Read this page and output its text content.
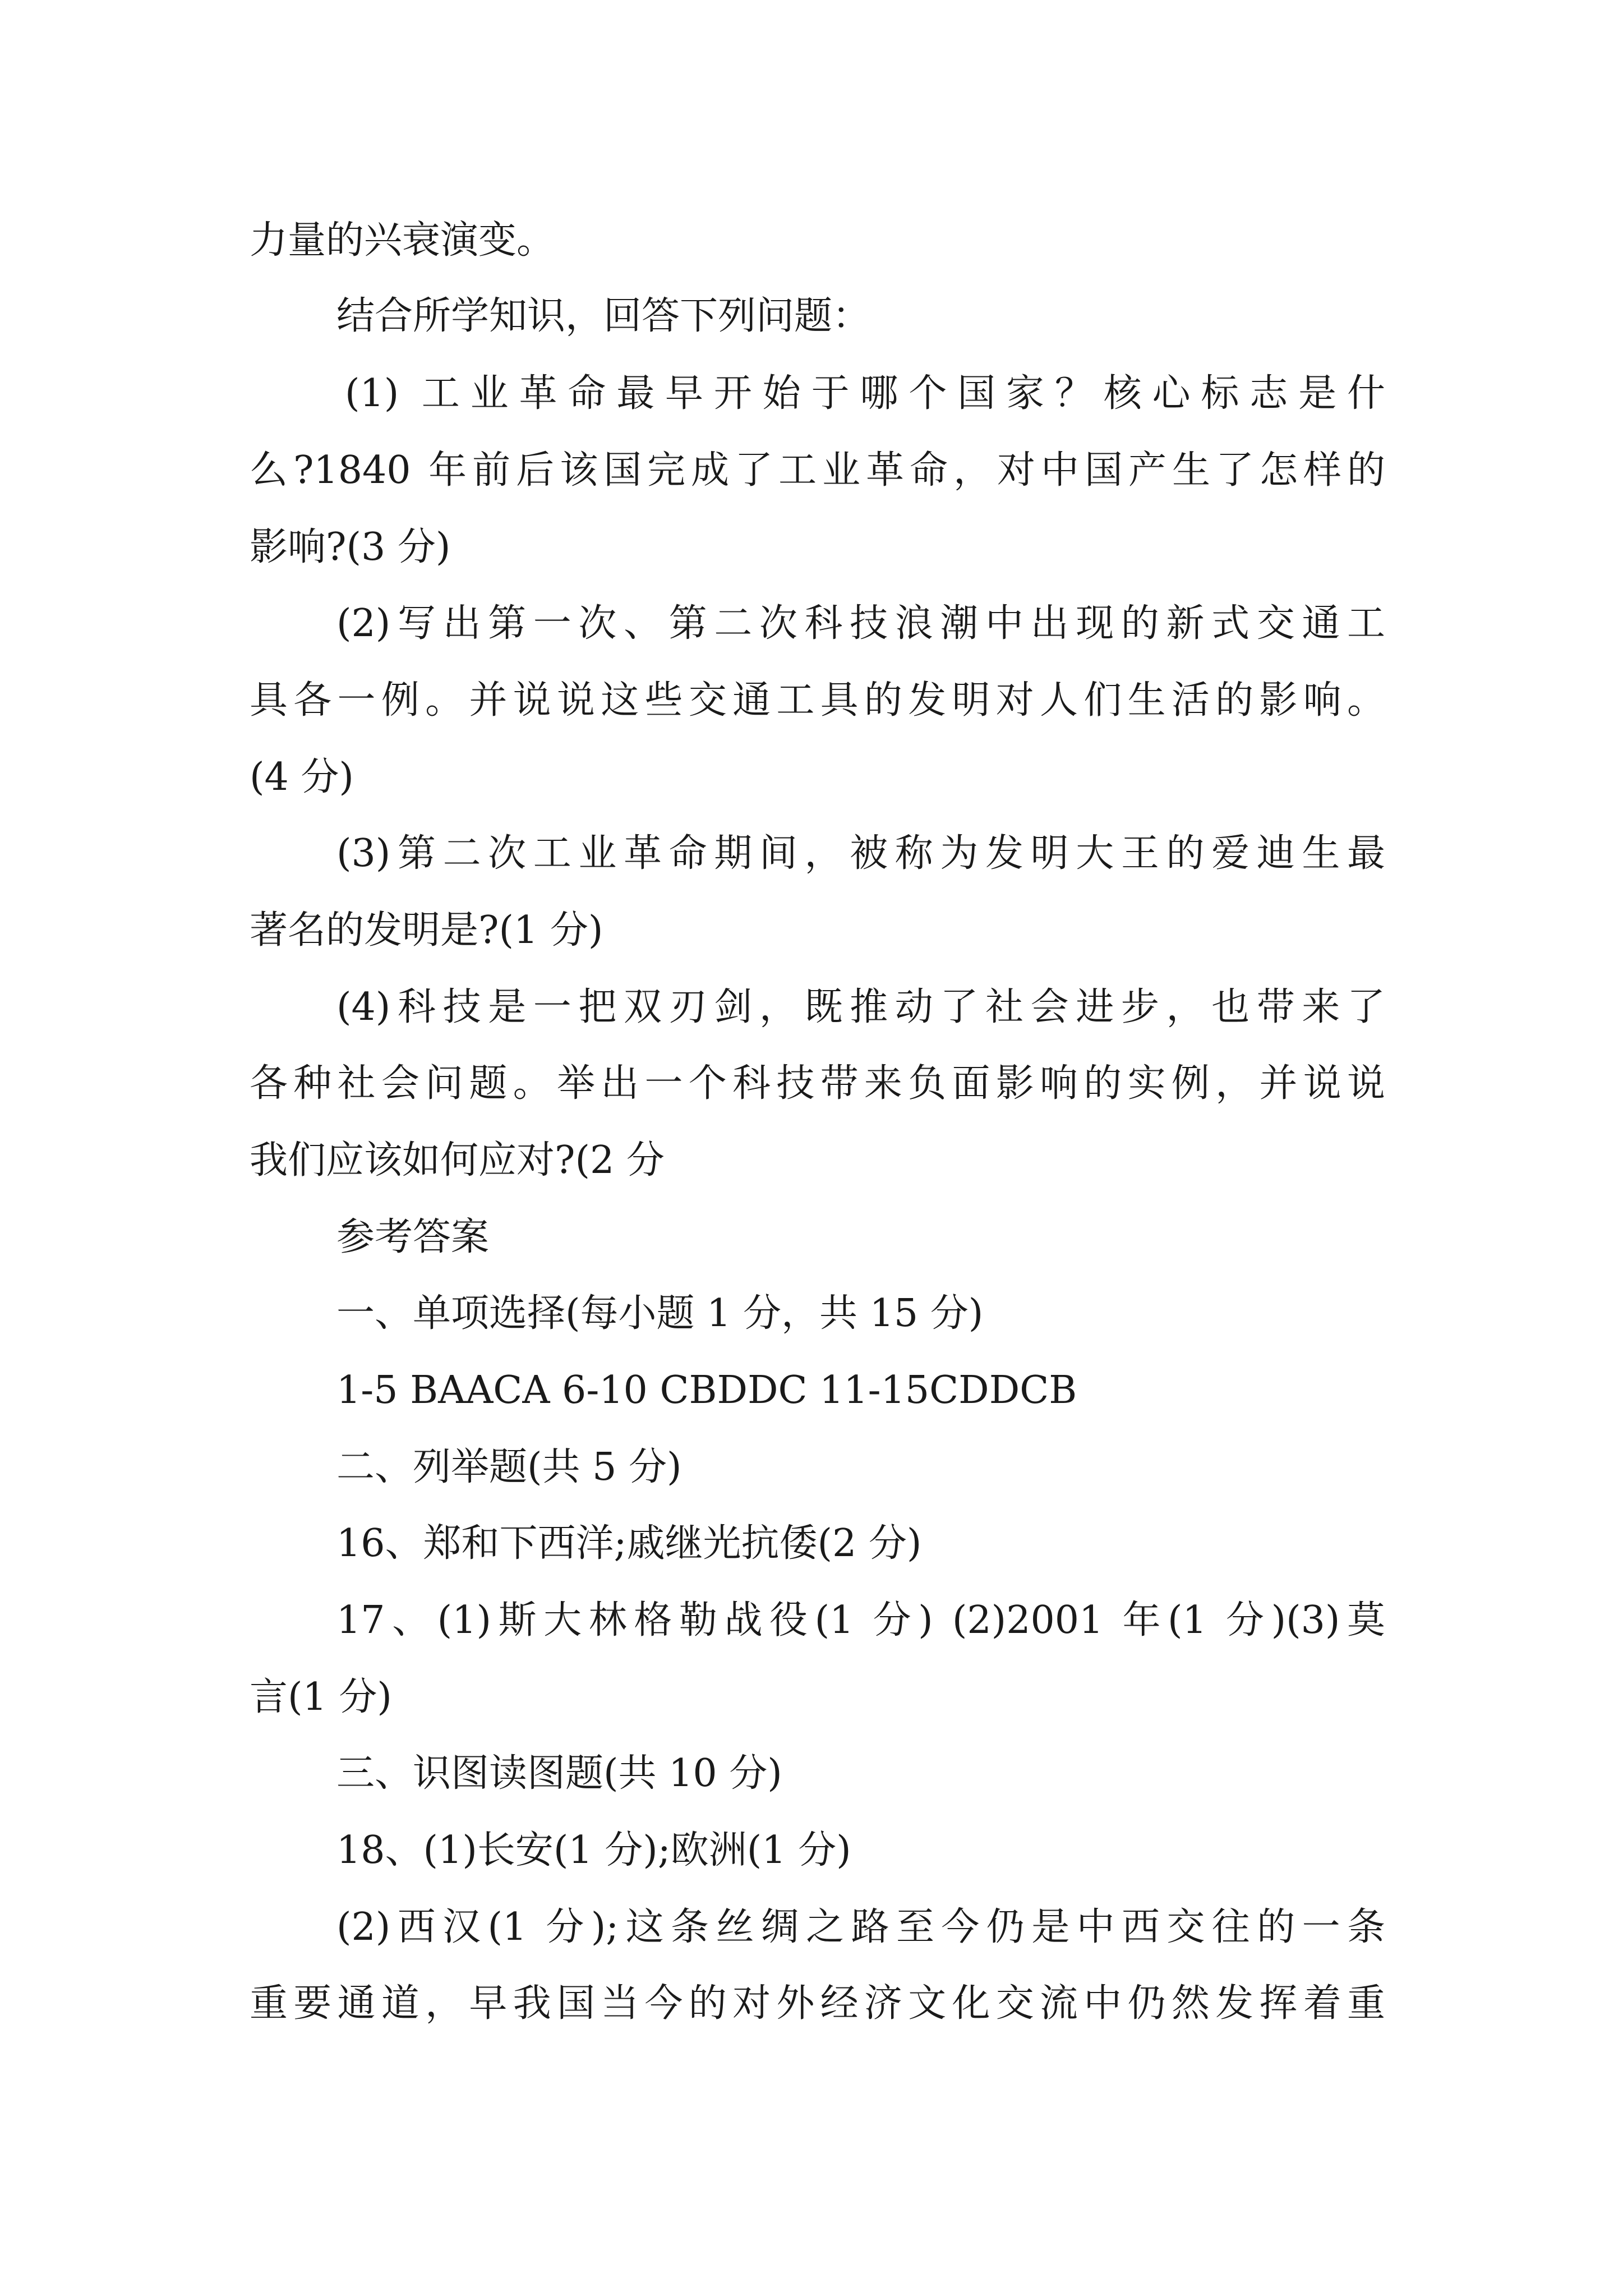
力量的兴衰演变。
结合所学知识，回答下列问题：
(1) 工业革命最早开始于哪个国家？核心标志是什
么?1840 年前后该国完成了工业革命，对中国产生了怎样的
影响?(3 分)
(2)写出第一次、第二次科技浪潮中出现的新式交通工
具各一例。并说说这些交通工具的发明对人们生活的影响。
(4 分)
(3)第二次工业革命期间，被称为发明大王的爱迪生最
著名的发明是?(1 分)
(4)科技是一把双刃剑，既推动了社会进步，也带来了
各种社会问题。举出一个科技带来负面影响的实例，并说说
我们应该如何应对?(2 分
参考答案
一、单项选择(每小题 1 分，共 15 分)
1-5 BAACA 6-10 CBDDC 11-15CDDCB
二、列举题(共 5 分)
16、郑和下西洋;戚继光抗倭(2 分)
17、(1)斯大林格勒战役(1 分) (2)2001 年(1 分)(3)莫
言(1 分)
三、识图读图题(共 10 分)
18、(1)长安(1 分);欧洲(1 分)
(2)西汉(1 分);这条丝绸之路至今仍是中西交往的一条
重要通道，早我国当今的对外经济文化交流中仍然发挥着重
